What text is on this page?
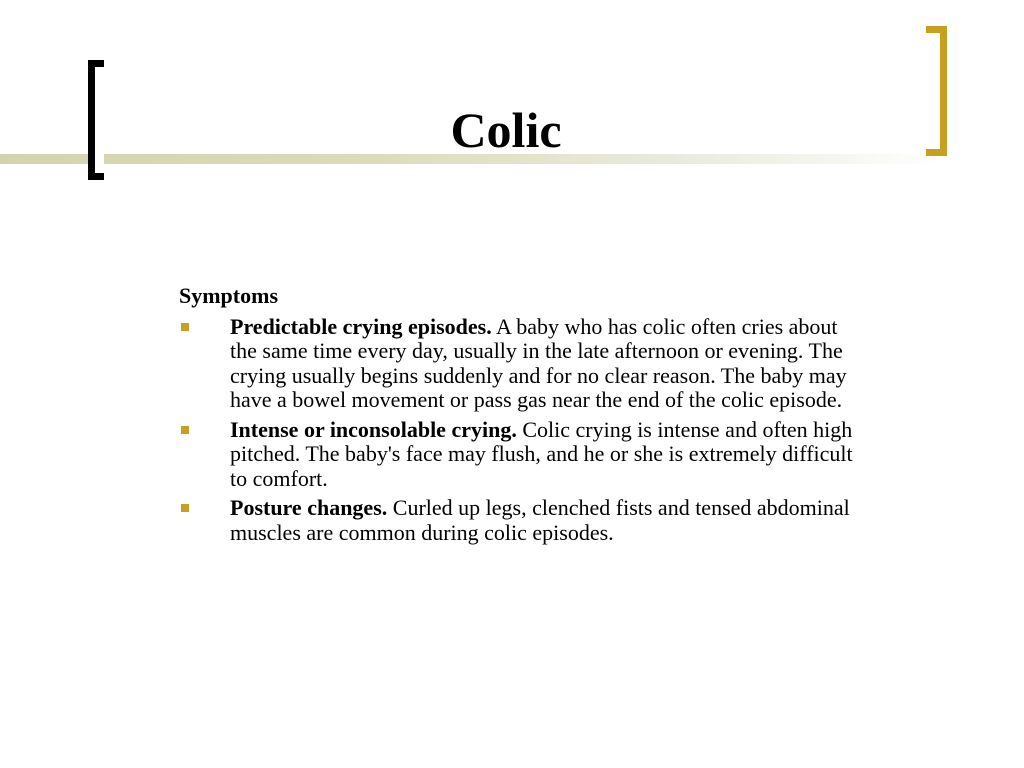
Colic
Symptoms
Predictable crying episodes. A baby who has colic often cries about the same time every day, usually in the late afternoon or evening. The crying usually begins suddenly and for no clear reason. The baby may have a bowel movement or pass gas near the end of the colic episode.
Intense or inconsolable crying. Colic crying is intense and often high pitched. The baby's face may flush, and he or she is extremely difficult to comfort.
Posture changes. Curled up legs, clenched fists and tensed abdominal muscles are common during colic episodes.
